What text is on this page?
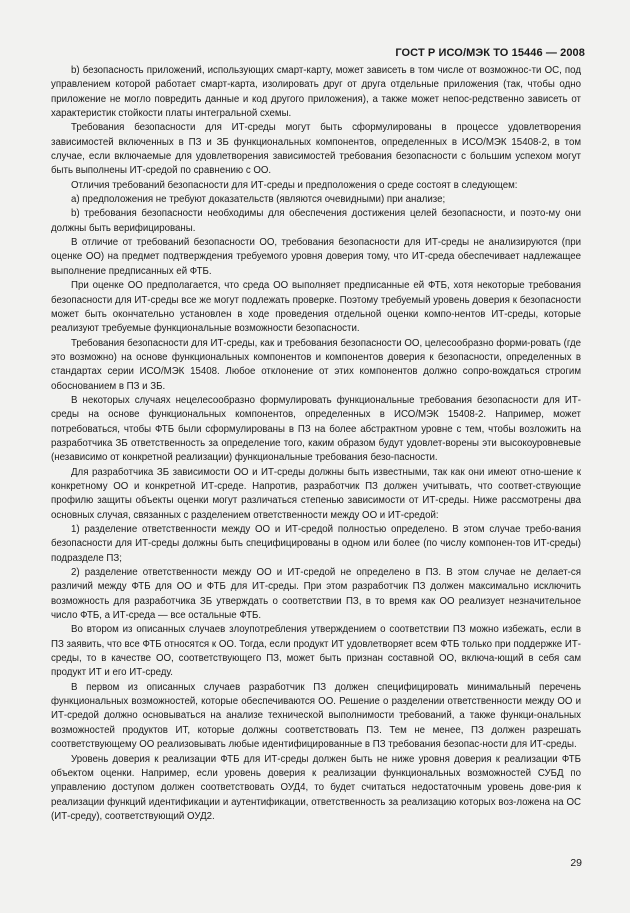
ГОСТ Р ИСО/МЭК ТО 15446 — 2008

b) безопасность приложений, использующих смарт-карту, может зависеть в том числе от возможнос-ти ОС, под управлением которой работает смарт-карта, изолировать друг от друга отдельные приложения (так, чтобы одно приложение не могло повредить данные и код другого приложения), а также может непос-редственно зависеть от характеристик стойкости платы интегральной схемы.

Требования безопасности для ИТ-среды могут быть сформулированы в процессе удовлетворения зависимостей включенных в ПЗ и ЗБ функциональных компонентов, определенных в ИСО/МЭК 15408-2, в том случае, если включаемые для удовлетворения зависимостей требования безопасности с большим успехом могут быть выполнены ИТ-средой по сравнению с ОО.

Отличия требований безопасности для ИТ-среды и предположения о среде состоят в следующем:

а) предположения не требуют доказательств (являются очевидными) при анализе;

b) требования безопасности необходимы для обеспечения достижения целей безопасности, и поэто-му они должны быть верифицированы.

В отличие от требований безопасности ОО, требования безопасности для ИТ-среды не анализируются (при оценке ОО) на предмет подтверждения требуемого уровня доверия тому, что ИТ-среда обеспечивает надлежащее выполнение предписанных ей ФТБ.

При оценке ОО предполагается, что среда ОО выполняет предписанные ей ФТБ, хотя некоторые требования безопасности для ИТ-среды все же могут подлежать проверке. Поэтому требуемый уровень доверия к безопасности может быть окончательно установлен в ходе проведения отдельной оценки компо-нентов ИТ-среды, которые реализуют требуемые функциональные возможности безопасности.

Требования безопасности для ИТ-среды, как и требования безопасности ОО, целесообразно форми-ровать (где это возможно) на основе функциональных компонентов и компонентов доверия к безопасности, определенных в стандартах серии ИСО/МЭК 15408. Любое отклонение от этих компонентов должно сопро-вождаться строгим обоснованием в ПЗ и ЗБ.

В некоторых случаях нецелесообразно формулировать функциональные требования безопасности для ИТ-среды на основе функциональных компонентов, определенных в ИСО/МЭК 15408-2. Например, может потребоваться, чтобы ФТБ были сформулированы в ПЗ на более абстрактном уровне с тем, чтобы возложить на разработчика ЗБ ответственность за определение того, каким образом будут удовлет-ворены эти высокоуровневые (независимо от конкретной реализации) функциональные требования безо-пасности.

Для разработчика ЗБ зависимости ОО и ИТ-среды должны быть известными, так как они имеют отно-шение к конкретному ОО и конкретной ИТ-среде. Напротив, разработчик ПЗ должен учитывать, что соответ-ствующие профилю защиты объекты оценки могут различаться степенью зависимости от ИТ-среды. Ниже рассмотрены два основных случая, связанных с разделением ответственности между ОО и ИТ-средой:

1) разделение ответственности между ОО и ИТ-средой полностью определено. В этом случае требо-вания безопасности для ИТ-среды должны быть специфицированы в одном или более (по числу компонен-тов ИТ-среды) подразделе ПЗ;

2) разделение ответственности между ОО и ИТ-средой не определено в ПЗ. В этом случае не делает-ся различий между ФТБ для ОО и ФТБ для ИТ-среды. При этом разработчик ПЗ должен максимально исключить возможность для разработчика ЗБ утверждать о соответствии ПЗ, в то время как ОО реализует незначительное число ФТБ, а ИТ-среда — все остальные ФТБ.

Во втором из описанных случаев злоупотребления утверждением о соответствии ПЗ можно избежать, если в ПЗ заявить, что все ФТБ относятся к ОО. Тогда, если продукт ИТ удовлетворяет всем ФТБ только при поддержке ИТ-среды, то в качестве ОО, соответствующего ПЗ, может быть признан составной ОО, включа-ющий в себя сам продукт ИТ и его ИТ-среду.

В первом из описанных случаев разработчик ПЗ должен специфицировать минимальный перечень функциональных возможностей, которые обеспечиваются ОО. Решение о разделении ответственности между ОО и ИТ-средой должно основываться на анализе технической выполнимости требований, а также функци-ональных возможностей продуктов ИТ, которые должны соответствовать ПЗ. Тем не менее, ПЗ должен разрешать соответствующему ОО реализовывать любые идентифицированные в ПЗ требования безопас-ности для ИТ-среды.

Уровень доверия к реализации ФТБ для ИТ-среды должен быть не ниже уровня доверия к реализации ФТБ объектом оценки. Например, если уровень доверия к реализации функциональных возможностей СУБД по управлению доступом должен соответствовать ОУД4, то будет считаться недостаточным уровень дове-рия к реализации функций идентификации и аутентификации, ответственность за реализацию которых воз-ложена на ОС (ИТ-среду), соответствующий ОУД2.

29
